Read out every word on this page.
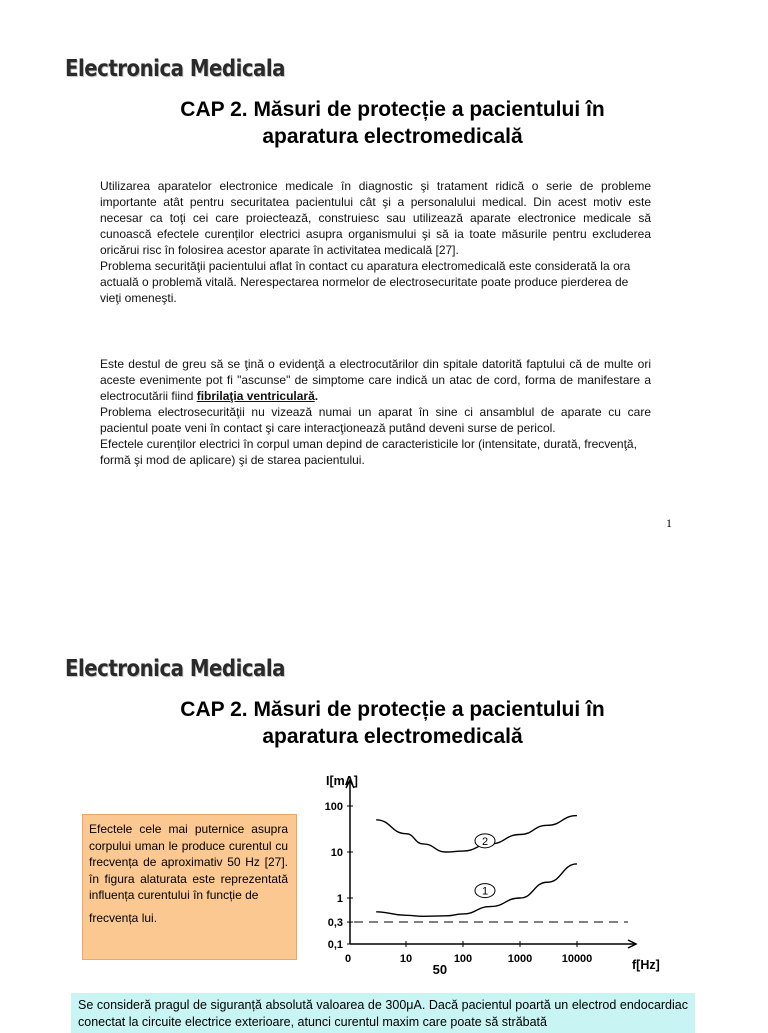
Electronica Medicala
CAP 2. Măsuri de protecție a pacientului în
aparatura electromedicală

Utilizarea aparatelor electronice medicale în diagnostic şi tratament ridică o serie de probleme importante atât pentru securitatea pacientului cât şi a personalului medical. Din acest motiv este necesar ca toţi cei care proiectează, construiesc sau utilizează aparate electronice medicale să cunoască efectele curenților electrici asupra organismului şi să ia toate măsurile pentru excluderea oricărui risc în folosirea acestor aparate în activitatea medicală [27].

Problema securităţii pacientului aflat în contact cu aparatura electromedicală este considerată la ora actuală o problemă vitală. Nerespectarea normelor de electrosecuritate poate produce pierderea de vieţi omeneşti.

Este destul de greu să se ţină o evidenţă a electrocutărilor din spitale datorită faptului că de multe ori aceste evenimente pot fi "ascunse" de simptome care indică un atac de cord, forma de manifestare a electrocutării fiind fibrilaţia ventriculară.

Problema electrosecurităţii nu vizează numai un aparat în sine ci ansamblul de aparate cu care pacientul poate veni în contact şi care interacţionează putând deveni surse de pericol.

Efectele curenților electrici în corpul uman depind de caracteristicile lor (intensitate, durată, frecvenţă, formă şi mod de aplicare) şi de starea pacientului.

1
Electronica Medicala
CAP 2. Măsuri de protecție a pacientului în
aparatura electromedicală
Efectele cele mai puternice asupra corpului uman le produce curentul cu frecvența de aproximativ 50 Hz [27]. în figura alaturata este reprezentată influența curentului în funcție de
frecvența lui.
0,1
0,3
1
10
100
0	10	100	1000	10000
50
I[mA]
f[Hz]
1
2
Se consideră pragul de siguranță absolută valoarea de 300μA. Dacă pacientul poartă un electrod endocardiac conectat la circuite electrice exterioare, atunci curentul maxim care poate să străbată
